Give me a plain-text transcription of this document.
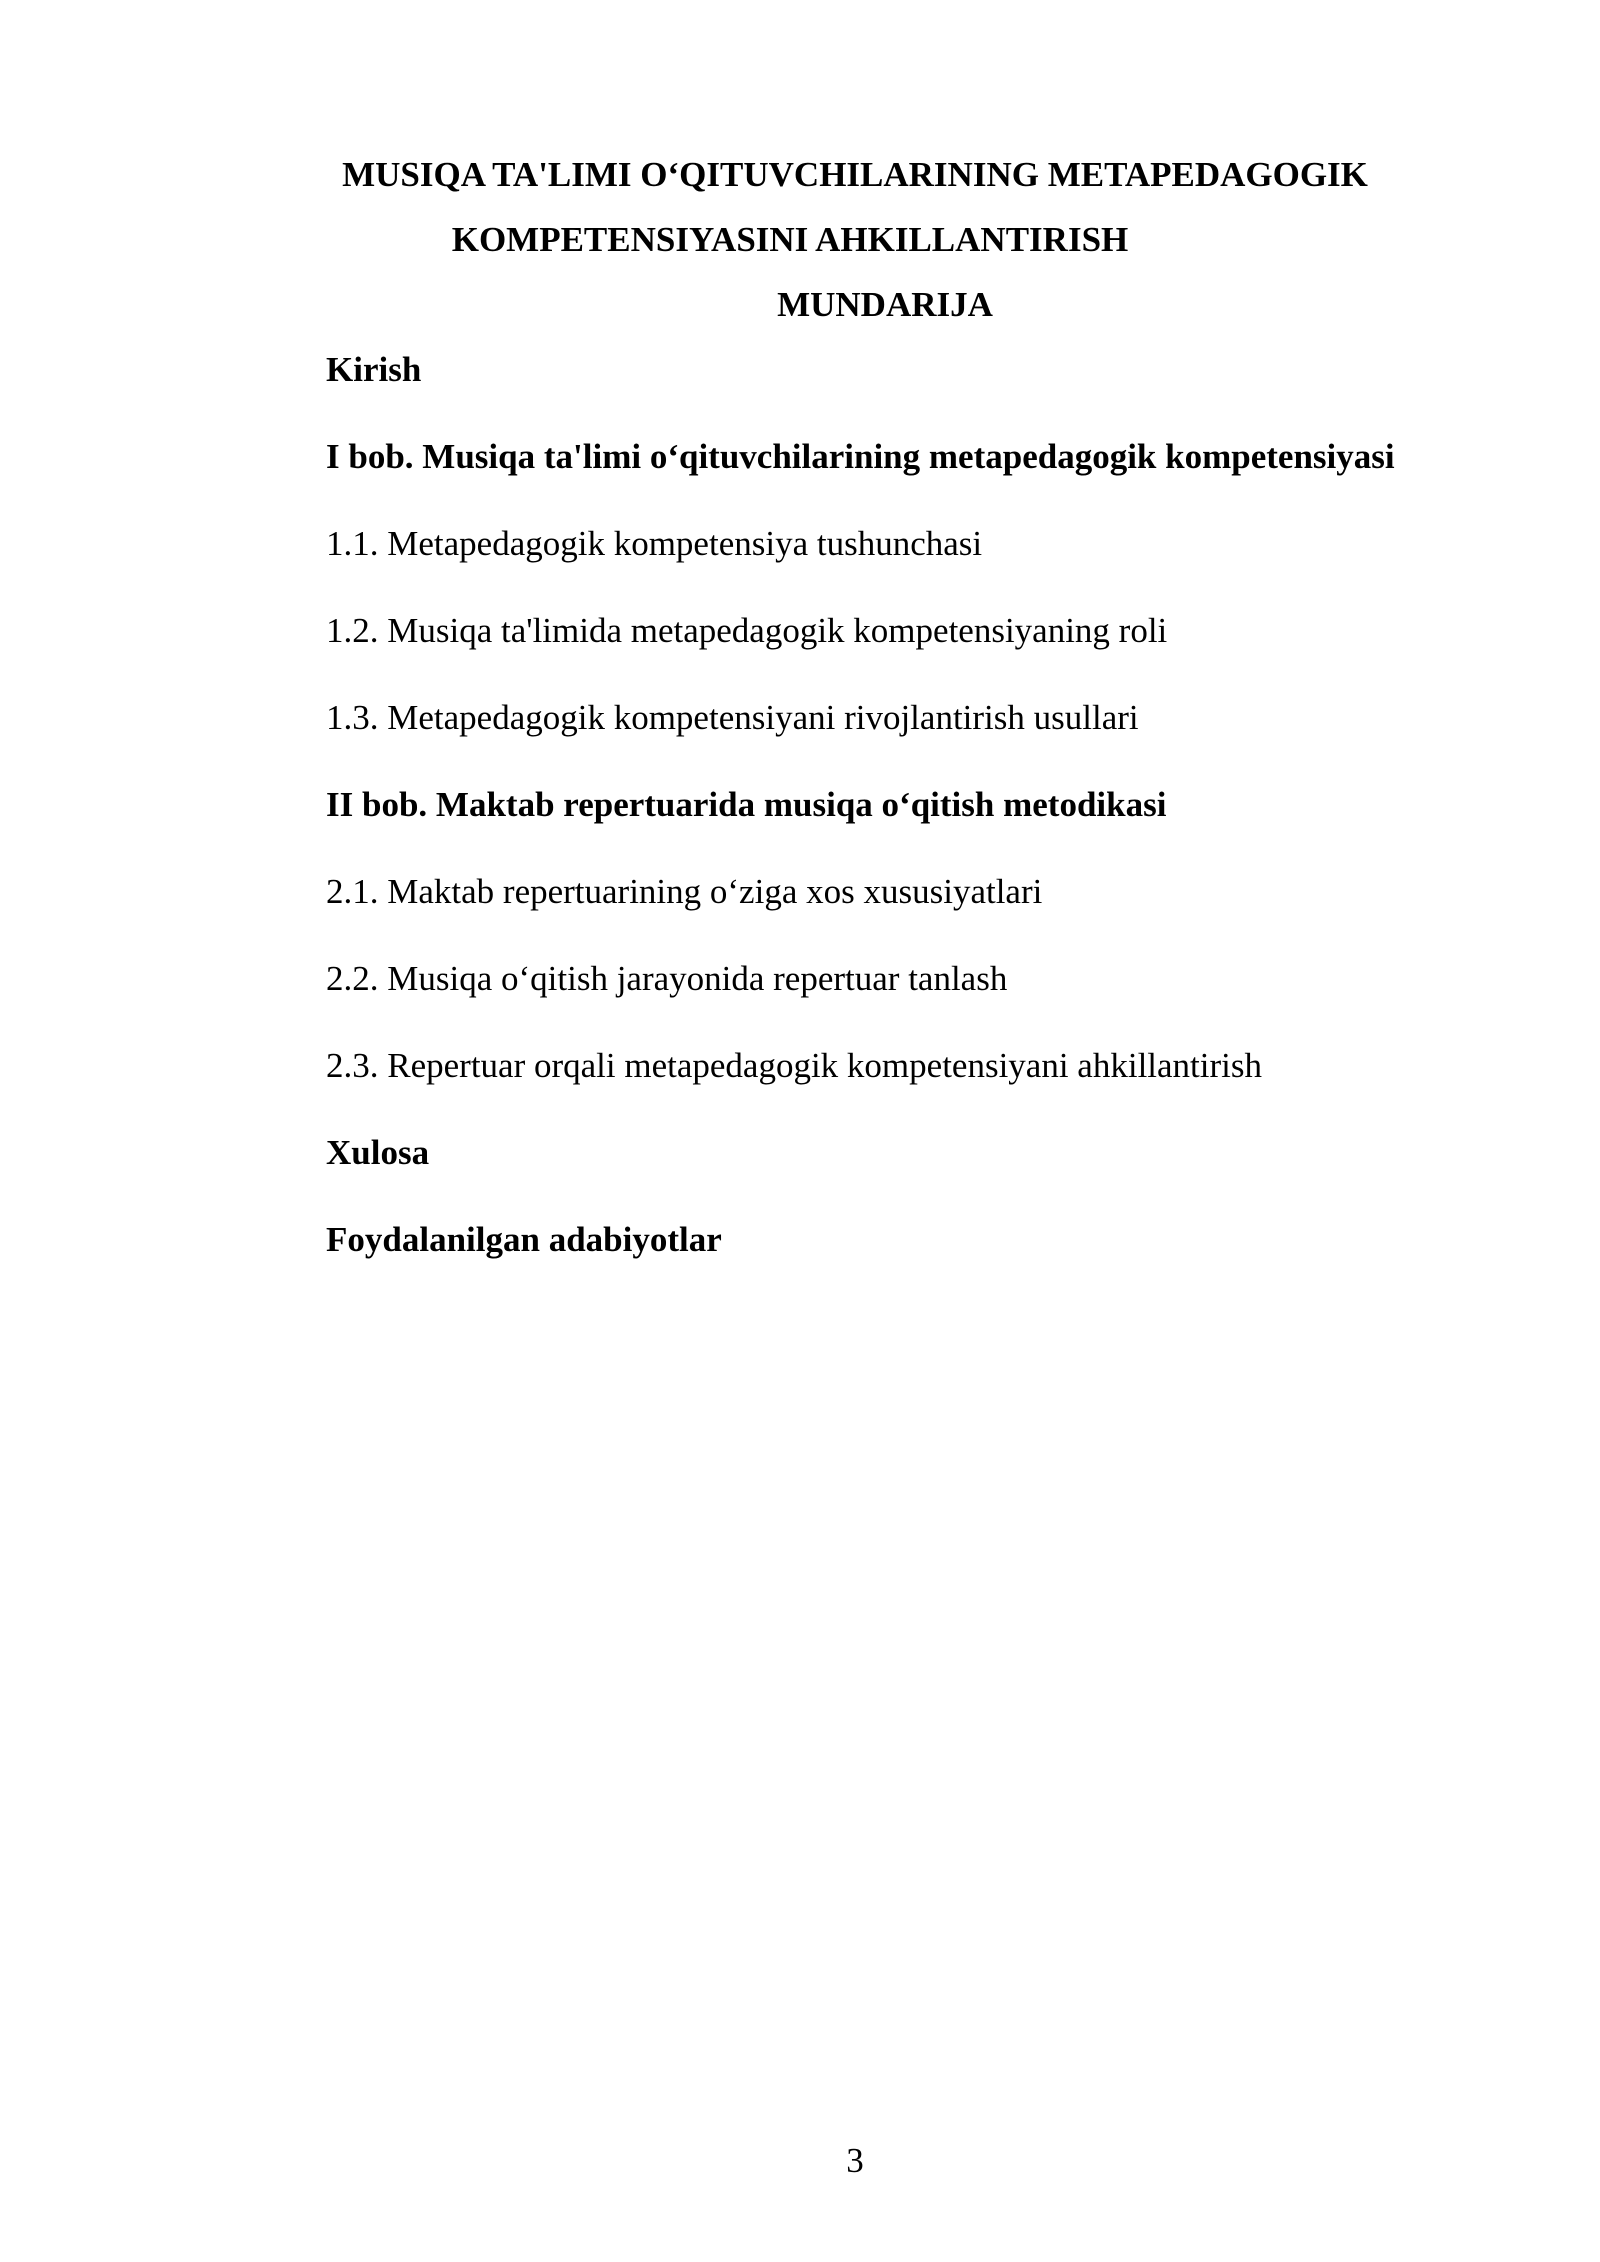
MUSIQA TA'LIMI O‘QITUVCHILARINING METAPEDAGOGIK
KOMPETENSIYASINI AHKILLANTIRISH
MUNDARIJA
Kirish
I bob. Musiqa ta'limi o‘qituvchilarining metapedagogik kompetensiyasi
1.1. Metapedagogik kompetensiya tushunchasi
1.2. Musiqa ta'limida metapedagogik kompetensiyaning roli
1.3. Metapedagogik kompetensiyani rivojlantirish usullari
II bob. Maktab repertuarida musiqa o‘qitish metodikasi
2.1. Maktab repertuarining o‘ziga xos xususiyatlari
2.2. Musiqa o‘qitish jarayonida repertuar tanlash
2.3. Repertuar orqali metapedagogik kompetensiyani ahkillantirish
Xulosa
Foydalanilgan adabiyotlar
3
